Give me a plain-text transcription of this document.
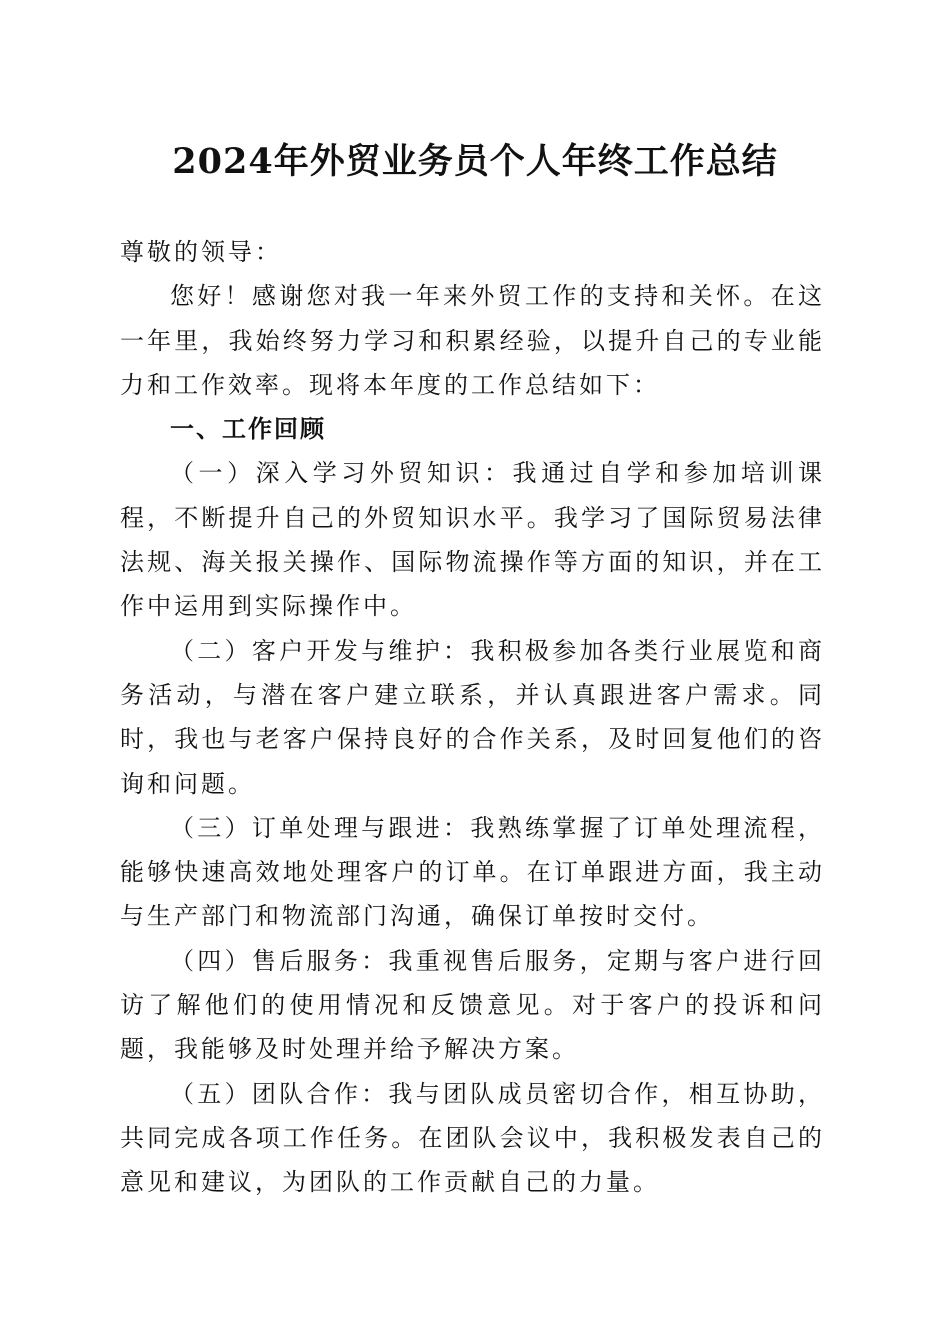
2024年外贸业务员个人年终工作总结

尊敬的领导：

您好！感谢您对我一年来外贸工作的支持和关怀。在这一年里，我始终努力学习和积累经验，以提升自己的专业能力和工作效率。现将本年度的工作总结如下：

一、工作回顾

（一）深入学习外贸知识：我通过自学和参加培训课程，不断提升自己的外贸知识水平。我学习了国际贸易法律法规、海关报关操作、国际物流操作等方面的知识，并在工作中运用到实际操作中。

（二）客户开发与维护：我积极参加各类行业展览和商务活动，与潜在客户建立联系，并认真跟进客户需求。同时，我也与老客户保持良好的合作关系，及时回复他们的咨询和问题。

（三）订单处理与跟进：我熟练掌握了订单处理流程，能够快速高效地处理客户的订单。在订单跟进方面，我主动与生产部门和物流部门沟通，确保订单按时交付。

（四）售后服务：我重视售后服务，定期与客户进行回访了解他们的使用情况和反馈意见。对于客户的投诉和问题，我能够及时处理并给予解决方案。

（五）团队合作：我与团队成员密切合作，相互协助，共同完成各项工作任务。在团队会议中，我积极发表自己的意见和建议，为团队的工作贡献自己的力量。
